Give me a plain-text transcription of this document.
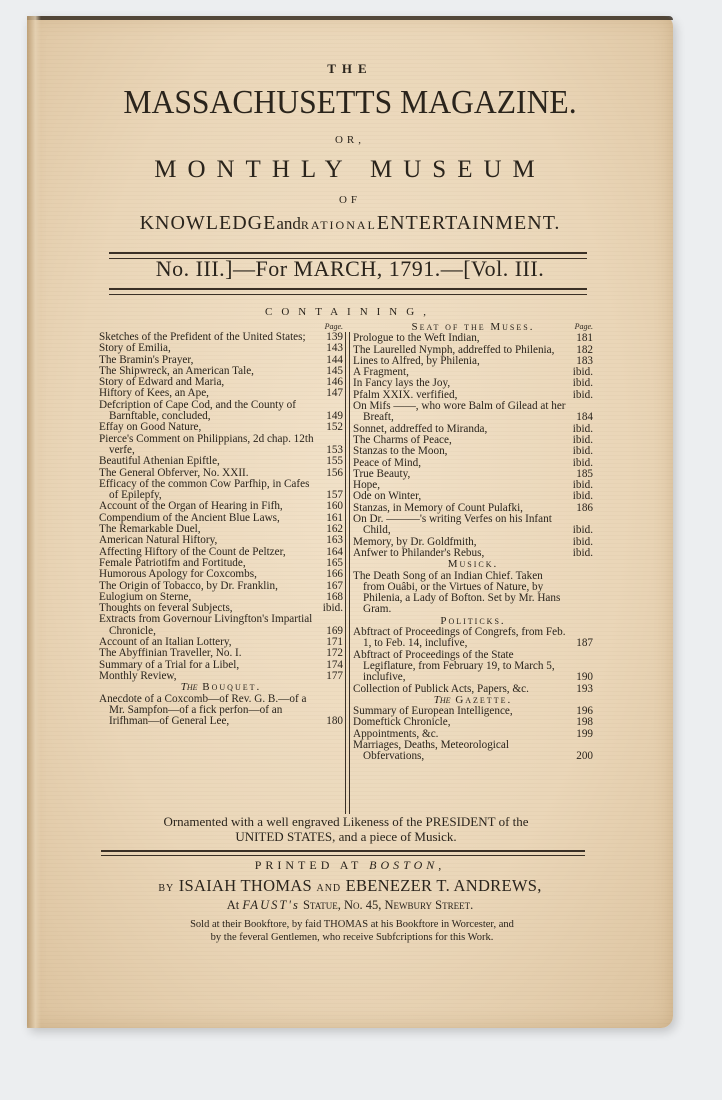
THE
MASSACHUSETTS MAGAZINE.
OR,
MONTHLY MUSEUM
OF
KNOWLEDGEandRATIONALENTERTAINMENT.
No. III.]—For MARCH, 1791.—[Vol. III.
CONTAINING,
Page.
Sketches of the Prefident of the United States;	139
Story of Emilia,	143
The Bramin's Prayer,	144
The Shipwreck, an American Tale,	145
Story of Edward and Maria,	146
Hiftory of Kees, an Ape,	147
Defcription of Cape Cod, and the County of Barnftable, concluded,	149
Effay on Good Nature,	152
Pierce's Comment on Philippians, 2d chap. 12th verfe,	153
Beautiful Athenian Epiftle,	155
The General Obferver, No. XXII.	156
Efficacy of the common Cow Parfhip, in Cafes of Epilepfy,	157
Account of the Organ of Hearing in Fifh,	160
Compendium of the Ancient Blue Laws,	161
The Remarkable Duel,	162
American Natural Hiftory,	163
Affecting Hiftory of the Count de Peltzer,	164
Female Patriotifm and Fortitude,	165
Humorous Apology for Coxcombs,	166
The Origin of Tobacco, by Dr. Franklin,	167
Eulogium on Sterne,	168
Thoughts on feveral Subjects,	ibid.
Extracts from Governour Livingfton's Impartial Chronicle,	169
Account of an Italian Lottery,	171
The Abyffinian Traveller, No. I.	172
Summary of a Trial for a Libel,	174
Monthly Review,	177
The Bouquet.
Anecdote of a Coxcomb—of Rev. G. B.—of a Mr. Sampfon—of a fick perfon—of an Irifhman—of General Lee,	180
Page.
Seat of the Muses.
Prologue to the Weft Indian,	181
The Laurelled Nymph, addreffed to Philenia,	182
Lines to Alfred, by Philenia,	183
A Fragment,	ibid.
In Fancy lays the Joy,	ibid.
Pfalm XXIX. verfified,	ibid.
On Mifs ——, who wore Balm of Gilead at her Breaft,	184
Sonnet, addreffed to Miranda,	ibid.
The Charms of Peace,	ibid.
Stanzas to the Moon,	ibid.
Peace of Mind,	ibid.
True Beauty,	185
Hope,	ibid.
Ode on Winter,	ibid.
Stanzas, in Memory of Count Pulafki,	186
On Dr. ———'s writing Verfes on his Infant Child,	ibid.
Memory, by Dr. Goldfmith,	ibid.
Anfwer to Philander's Rebus,	ibid.
Musick.
The Death Song of an Indian Chief. Taken from Ouâbi, or the Virtues of Nature, by Philenia, a Lady of Bofton. Set by Mr. Hans Gram.
Politicks.
Abftract of Proceedings of Congrefs, from Feb. 1, to Feb. 14, inclufive,	187
Abftract of Proceedings of the State Legiflature, from February 19, to March 5, inclufive,	190
Collection of Publick Acts, Papers, &c.	193
The Gazette.
Summary of European Intelligence,	196
Domeftick Chronicle,	198
Appointments, &c.	199
Marriages, Deaths, Meteorological Obfervations,	200
Ornamented with a well engraved Likeness of the PRESIDENT of the
UNITED STATES, and a piece of Musick.
PRINTED AT BOSTON,
BY ISAIAH THOMAS AND EBENEZER T. ANDREWS,
At FAUST's Statue, No. 45, Newbury Street.
Sold at their Bookftore, by faid THOMAS at his Bookftore in Worcester, and
by the feveral Gentlemen, who receive Subfcriptions for this Work.
